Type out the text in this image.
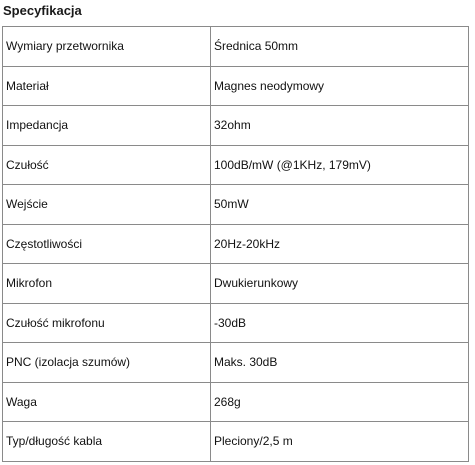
Specyfikacja
Wymiary przetwornika	Średnica 50mm
Materiał	Magnes neodymowy
Impedancja	32ohm
Czułość	100dB/mW (@1KHz, 179mV)
Wejście	50mW
Częstotliwości	20Hz-20kHz
Mikrofon	Dwukierunkowy
Czułość mikrofonu	-30dB
PNC (izolacja szumów)	Maks. 30dB
Waga	268g
Typ/długość kabla	Pleciony/2,5 m
